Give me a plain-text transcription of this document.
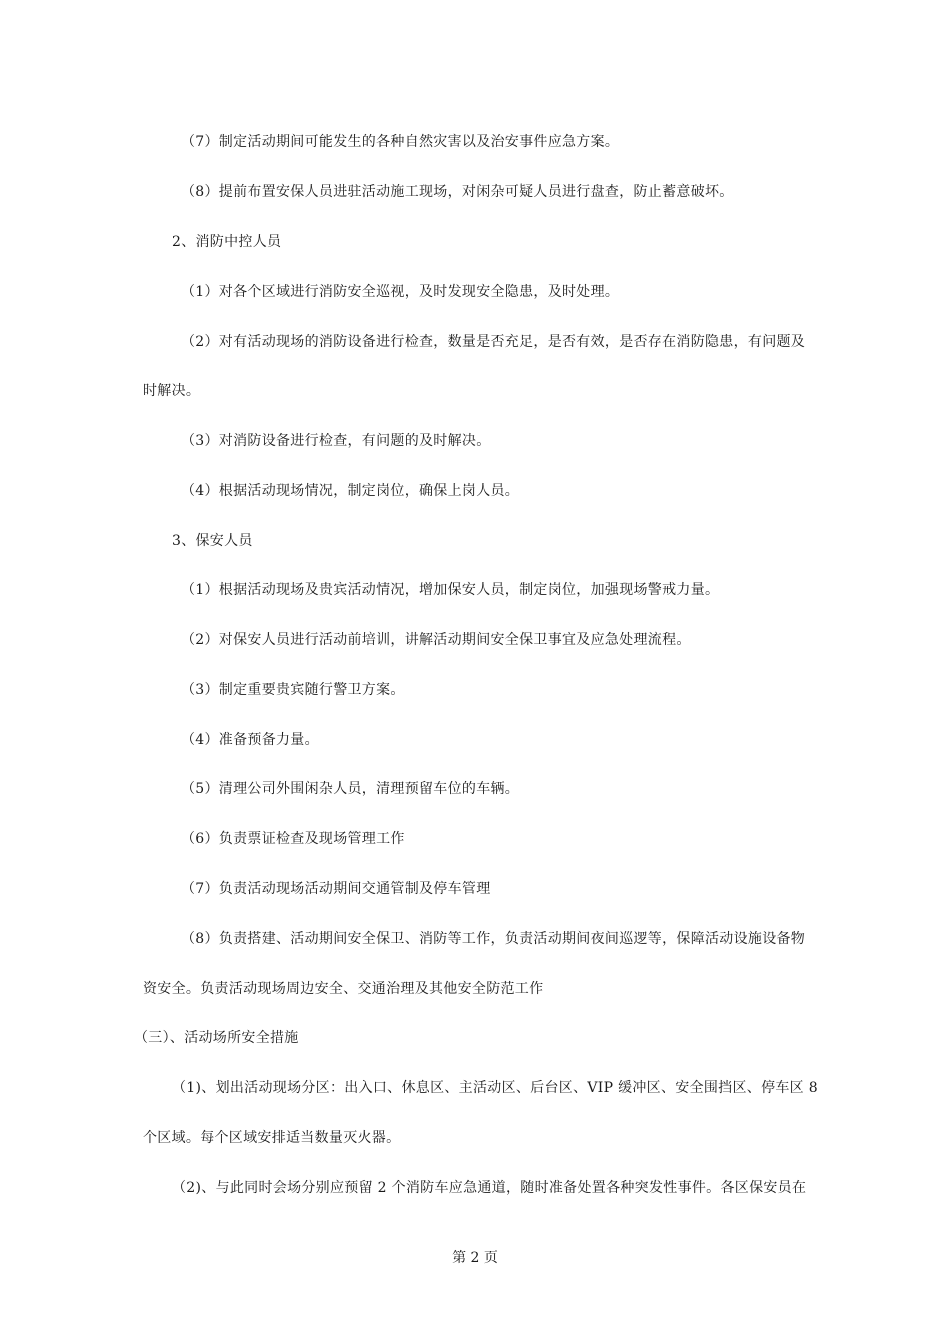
（7）制定活动期间可能发生的各种自然灾害以及治安事件应急方案。
（8）提前布置安保人员进驻活动施工现场，对闲杂可疑人员进行盘查，防止蓄意破坏。
2、消防中控人员
（1）对各个区域进行消防安全巡视，及时发现安全隐患，及时处理。
（2）对有活动现场的消防设备进行检查，数量是否充足，是否有效，是否存在消防隐患，有问题及
时解决。
（3）对消防设备进行检查，有问题的及时解决。
（4）根据活动现场情况，制定岗位，确保上岗人员。
3、保安人员
（1）根据活动现场及贵宾活动情况，增加保安人员，制定岗位，加强现场警戒力量。
（2）对保安人员进行活动前培训，讲解活动期间安全保卫事宜及应急处理流程。
（3）制定重要贵宾随行警卫方案。
（4）准备预备力量。
（5）清理公司外围闲杂人员，清理预留车位的车辆。
（6）负责票证检查及现场管理工作
（7）负责活动现场活动期间交通管制及停车管理
（8）负责搭建、活动期间安全保卫、消防等工作，负责活动期间夜间巡逻等，保障活动设施设备物
资安全。负责活动现场周边安全、交通治理及其他安全防范工作
（三）、活动场所安全措施
（1)、划出活动现场分区：出入口、休息区、主活动区、后台区、VIP 缓冲区、安全围挡区、停车区 8
个区域。每个区域安排适当数量灭火器。
（2)、与此同时会场分别应预留 2 个消防车应急通道，随时准备处置各种突发性事件。各区保安员在
第 2 页
